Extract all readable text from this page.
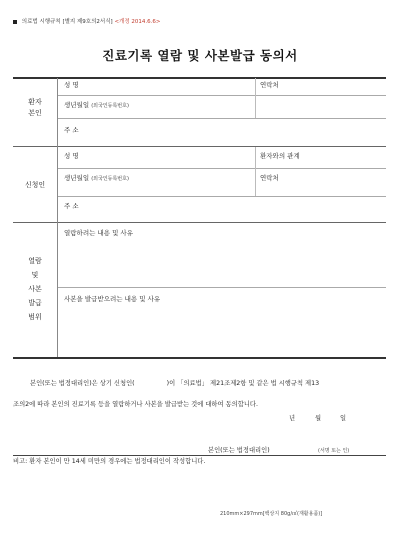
의료법 시행규칙 [별지 제9호의2서식] <개정 2014.6.6>
진료기록 열람 및 사본발급 동의서
환자
본인
성 명	연락처
생년월일 (외국인등록번호)
주 소
신청인
성 명	환자와의 관계
생년월일 (외국인등록번호)	연락처
주 소
열람
및
사본
발급
범위
열람하려는 내용 및 사유
사본을 발급받으려는 내용 및 사유
본인(또는 법정대리인)은 상기 신청인(	)이 「의료법」 제21조제2항 및 같은 법 시행규칙 제13
조의2에 따라 본인의 진료기록 등을 열람하거나 사본을 발급받는 것에 대하여 동의합니다.
년	월	일
본인(또는 법정대리인)	(서명 또는 인)
비고: 환자 본인이 만 14세 미만의 경우에는 법정대리인이 작성합니다.
210mm×297mm[백상지 80g/㎡(재활용품)]
